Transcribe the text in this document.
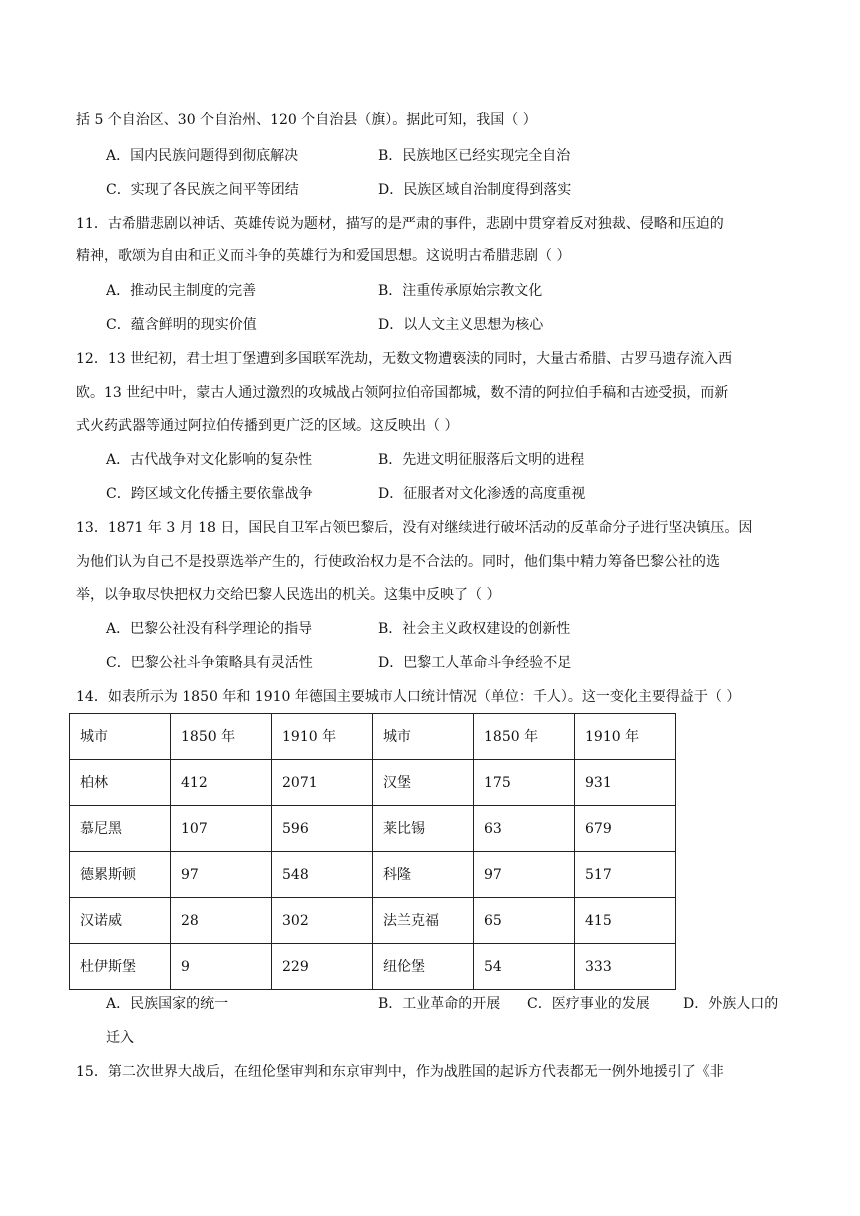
括 5 个自治区、30 个自治州、120 个自治县（旗）。据此可知，我国（ ）
A．国内民族问题得到彻底解决	B．民族地区已经实现完全自治
C．实现了各民族之间平等团结	D．民族区域自治制度得到落实
11．古希腊悲剧以神话、英雄传说为题材，描写的是严肃的事件，悲剧中贯穿着反对独裁、侵略和压迫的
精神，歌颂为自由和正义而斗争的英雄行为和爱国思想。这说明古希腊悲剧（ ）
A．推动民主制度的完善	B．注重传承原始宗教文化
C．蕴含鲜明的现实价值	D．以人文主义思想为核心
12．13 世纪初，君士坦丁堡遭到多国联军洗劫，无数文物遭亵渎的同时，大量古希腊、古罗马遗存流入西
欧。13 世纪中叶，蒙古人通过激烈的攻城战占领阿拉伯帝国都城，数不清的阿拉伯手稿和古迹受损，而新
式火药武器等通过阿拉伯传播到更广泛的区域。这反映出（ ）
A．古代战争对文化影响的复杂性	B．先进文明征服落后文明的进程
C．跨区域文化传播主要依靠战争	D．征服者对文化渗透的高度重视
13．1871 年 3 月 18 日，国民自卫军占领巴黎后，没有对继续进行破坏活动的反革命分子进行坚决镇压。因
为他们认为自己不是投票选举产生的，行使政治权力是不合法的。同时，他们集中精力筹备巴黎公社的选
举，以争取尽快把权力交给巴黎人民选出的机关。这集中反映了（ ）
A．巴黎公社没有科学理论的指导	B．社会主义政权建设的创新性
C．巴黎公社斗争策略具有灵活性	D．巴黎工人革命斗争经验不足
14．如表所示为 1850 年和 1910 年德国主要城市人口统计情况（单位：千人）。这一变化主要得益于（ ）
城市	1850 年	1910 年	城市	1850 年	1910 年
柏林	412	2071	汉堡	175	931
慕尼黑	107	596	莱比锡	63	679
德累斯顿	97	548	科隆	97	517
汉诺威	28	302	法兰克福	65	415
杜伊斯堡	9	229	纽伦堡	54	333
A．民族国家的统一	B．工业革命的开展 C．医疗事业的发展 D．外族人口的
迁入
15．第二次世界大战后，在纽伦堡审判和东京审判中，作为战胜国的起诉方代表都无一例外地援引了《非
